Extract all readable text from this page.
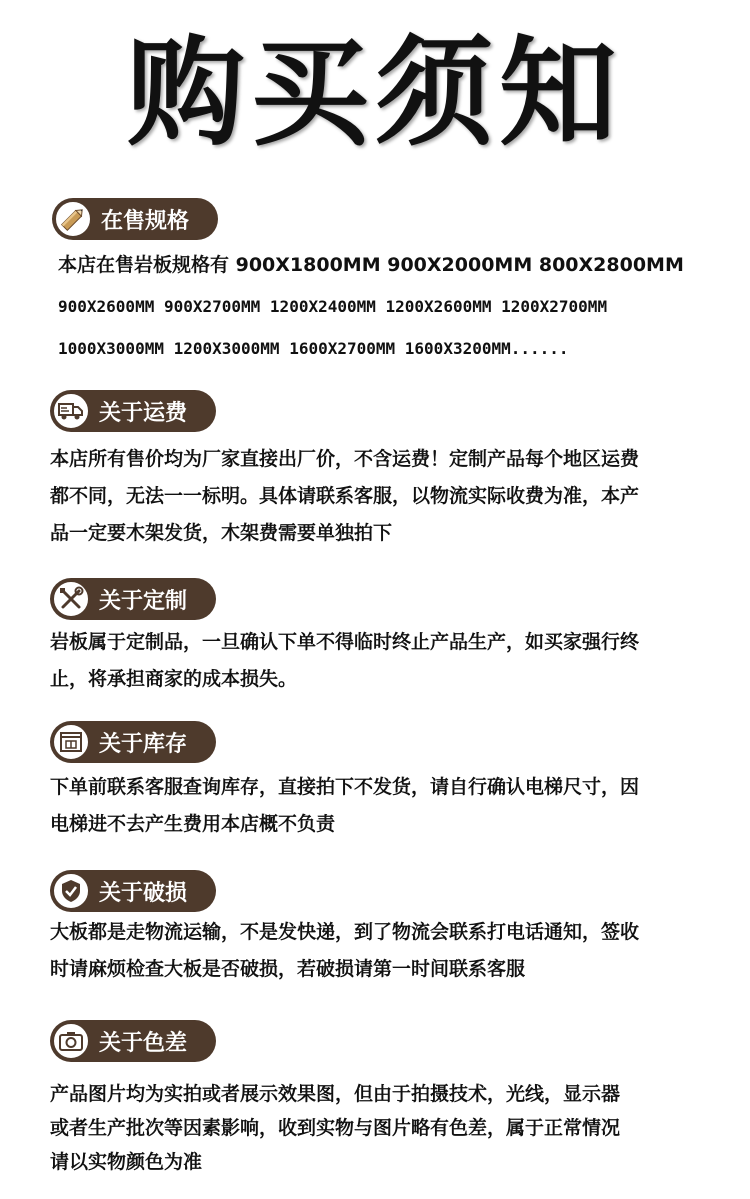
购买须知
在售规格
本店在售岩板规格有 900X1800MM 900X2000MM 800X2800MM
900X2600MM 900X2700MM 1200X2400MM 1200X2600MM 1200X2700MM
1000X3000MM 1200X3000MM 1600X2700MM 1600X3200MM......
关于运费
本店所有售价均为厂家直接出厂价，不含运费！定制产品每个地区运费
都不同，无法一一标明。具体请联系客服，以物流实际收费为准，本产
品一定要木架发货，木架费需要单独拍下
关于定制
岩板属于定制品，一旦确认下单不得临时终止产品生产，如买家强行终
止，将承担商家的成本损失。
关于库存
下单前联系客服查询库存，直接拍下不发货，请自行确认电梯尺寸，因
电梯进不去产生费用本店概不负责
关于破损
大板都是走物流运输，不是发快递，到了物流会联系打电话通知，签收
时请麻烦检查大板是否破损，若破损请第一时间联系客服
关于色差
产品图片均为实拍或者展示效果图，但由于拍摄技术，光线，显示器
或者生产批次等因素影响，收到实物与图片略有色差，属于正常情况
请以实物颜色为准
